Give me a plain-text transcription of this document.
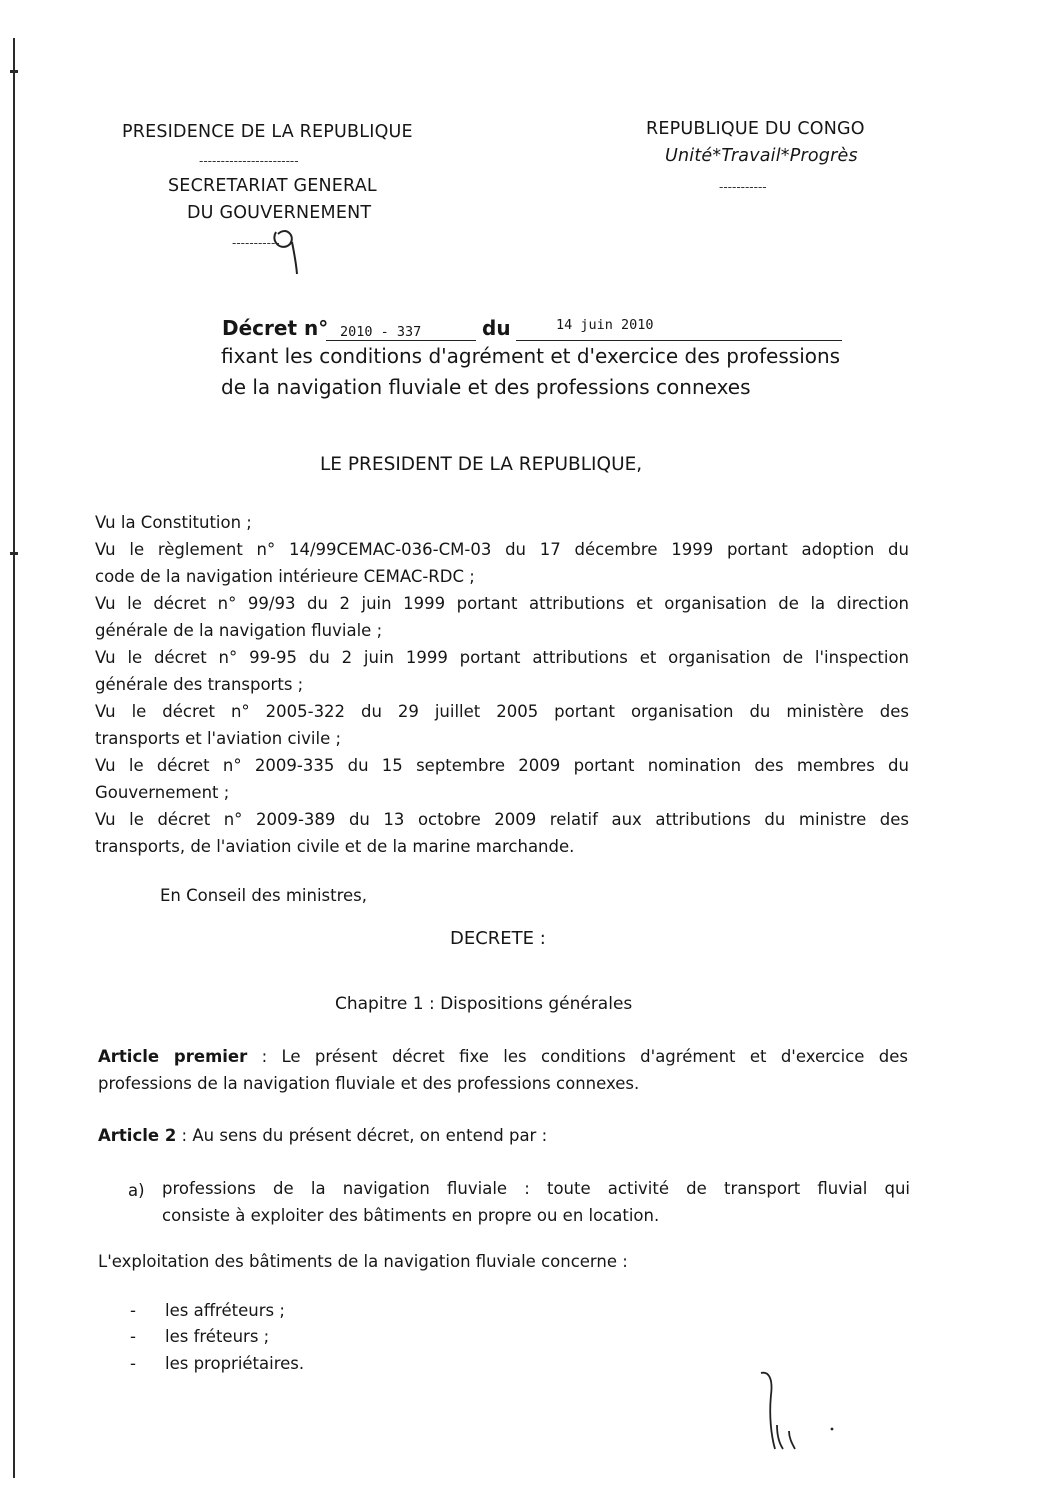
PRESIDENCE DE LA REPUBLIQUE
-----------------------
SECRETARIAT GENERAL
DU GOUVERNEMENT
-----------
REPUBLIQUE DU CONGO
Unité*Travail*Progrès
-----------
Décret n° 2010 - 337	du	14 juin 2010
fixant les conditions d'agrément et d'exercice des professions
de la navigation fluviale et des professions connexes
LE PRESIDENT DE LA REPUBLIQUE,
Vu la Constitution ;
Vu le règlement n° 14/99CEMAC-036-CM-03 du 17 décembre 1999 portant adoption du
code de la navigation intérieure CEMAC-RDC ;
Vu le décret n° 99/93 du 2 juin 1999 portant attributions et organisation de la direction
générale de la navigation fluviale ;
Vu le décret n° 99-95 du 2 juin 1999 portant attributions et organisation de l'inspection
générale des transports ;
Vu le décret n° 2005-322 du 29 juillet 2005 portant organisation du ministère des
transports et l'aviation civile ;
Vu le décret n° 2009-335 du 15 septembre 2009 portant nomination des membres du
Gouvernement ;
Vu le décret n° 2009-389 du 13 octobre 2009 relatif aux attributions du ministre des
transports, de l'aviation civile et de la marine marchande.
En Conseil des ministres,
DECRETE :
Chapitre 1 : Dispositions générales
Article premier : Le présent décret fixe les conditions d'agrément et d'exercice des
professions de la navigation fluviale et des professions connexes.
Article 2 : Au sens du présent décret, on entend par :
a) professions de la navigation fluviale : toute activité de transport fluvial qui
consiste à exploiter des bâtiments en propre ou en location.
L'exploitation des bâtiments de la navigation fluviale concerne :
- les affréteurs ;
- les fréteurs ;
- les propriétaires.
